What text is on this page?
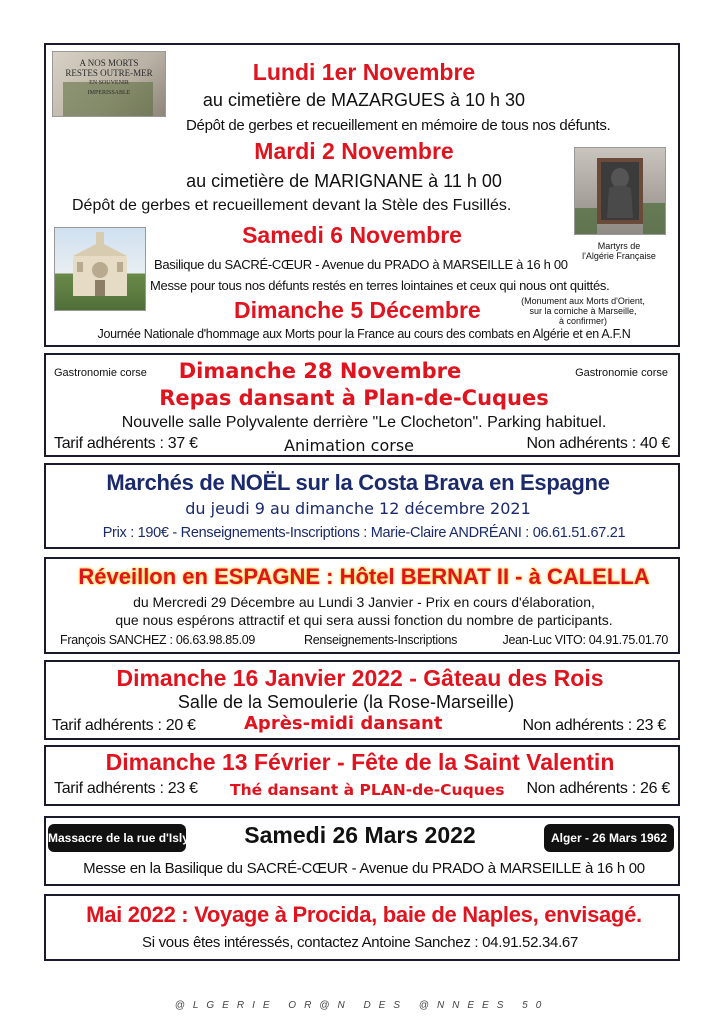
A NOS MORTS
RESTES OUTRE-MER
EN SOUVENIR
IMPERISSABLE
Martyrs de
l'Algérie Française
Lundi 1er Novembre
au cimetière de MAZARGUES à 10 h 30
Dépôt de gerbes et recueillement en mémoire de tous nos défunts.
Mardi 2 Novembre
au cimetière de MARIGNANE à 11 h 00
Dépôt de gerbes et recueillement devant la Stèle des Fusillés.
Samedi 6 Novembre
Basilique du SACRÉ-CŒUR - Avenue du PRADO à MARSEILLE à 16 h 00
Messe pour tous nos défunts restés en terres lointaines et ceux qui nous ont quittés.
Dimanche 5 Décembre	(Monument aux Morts d'Orient,
sur la corniche à Marseille,
à confirmer)
Journée Nationale d'hommage aux Morts pour la France au cours des combats en Algérie et en A.F.N
Gastronomie corse	Gastronomie corse
Dimanche 28 Novembre
Repas dansant à Plan-de-Cuques
Nouvelle salle Polyvalente derrière "Le Clocheton". Parking habituel.
Tarif adhérents : 37 €	Animation corse	Non adhérents : 40 €
Marchés de NOËL sur la Costa Brava en Espagne
du jeudi 9 au dimanche 12 décembre 2021
Prix : 190€ - Renseignements-Inscriptions : Marie-Claire ANDRÉANI : 06.61.51.67.21
Réveillon en ESPAGNE : Hôtel BERNAT II - à CALELLA
du Mercredi 29 Décembre au Lundi 3 Janvier - Prix en cours d'élaboration,
que nous espérons attractif et qui sera aussi fonction du nombre de participants.
François SANCHEZ : 06.63.98.85.09	Renseignements-Inscriptions	Jean-Luc VITO: 04.91.75.01.70
Dimanche 16 Janvier 2022 - Gâteau des Rois
Salle de la Semoulerie (la Rose-Marseille)
Tarif adhérents : 20 €	Après-midi dansant	Non adhérents : 23 €
Dimanche 13 Février - Fête de la Saint Valentin
Tarif adhérents : 23 € Thé dansant à PLAN-de-Cuques Non adhérents : 26 €
Massacre de la rue d'Isly	Samedi 26 Mars 2022	Alger - 26 Mars 1962
Messe en la Basilique du SACRÉ-CŒUR - Avenue du PRADO à MARSEILLE à 16 h 00
Mai 2022 : Voyage à Procida, baie de Naples, envisagé.
Si vous êtes intéressés, contactez Antoine Sanchez : 04.91.52.34.67
@LGERIE OR@N DES @NNEES 50
